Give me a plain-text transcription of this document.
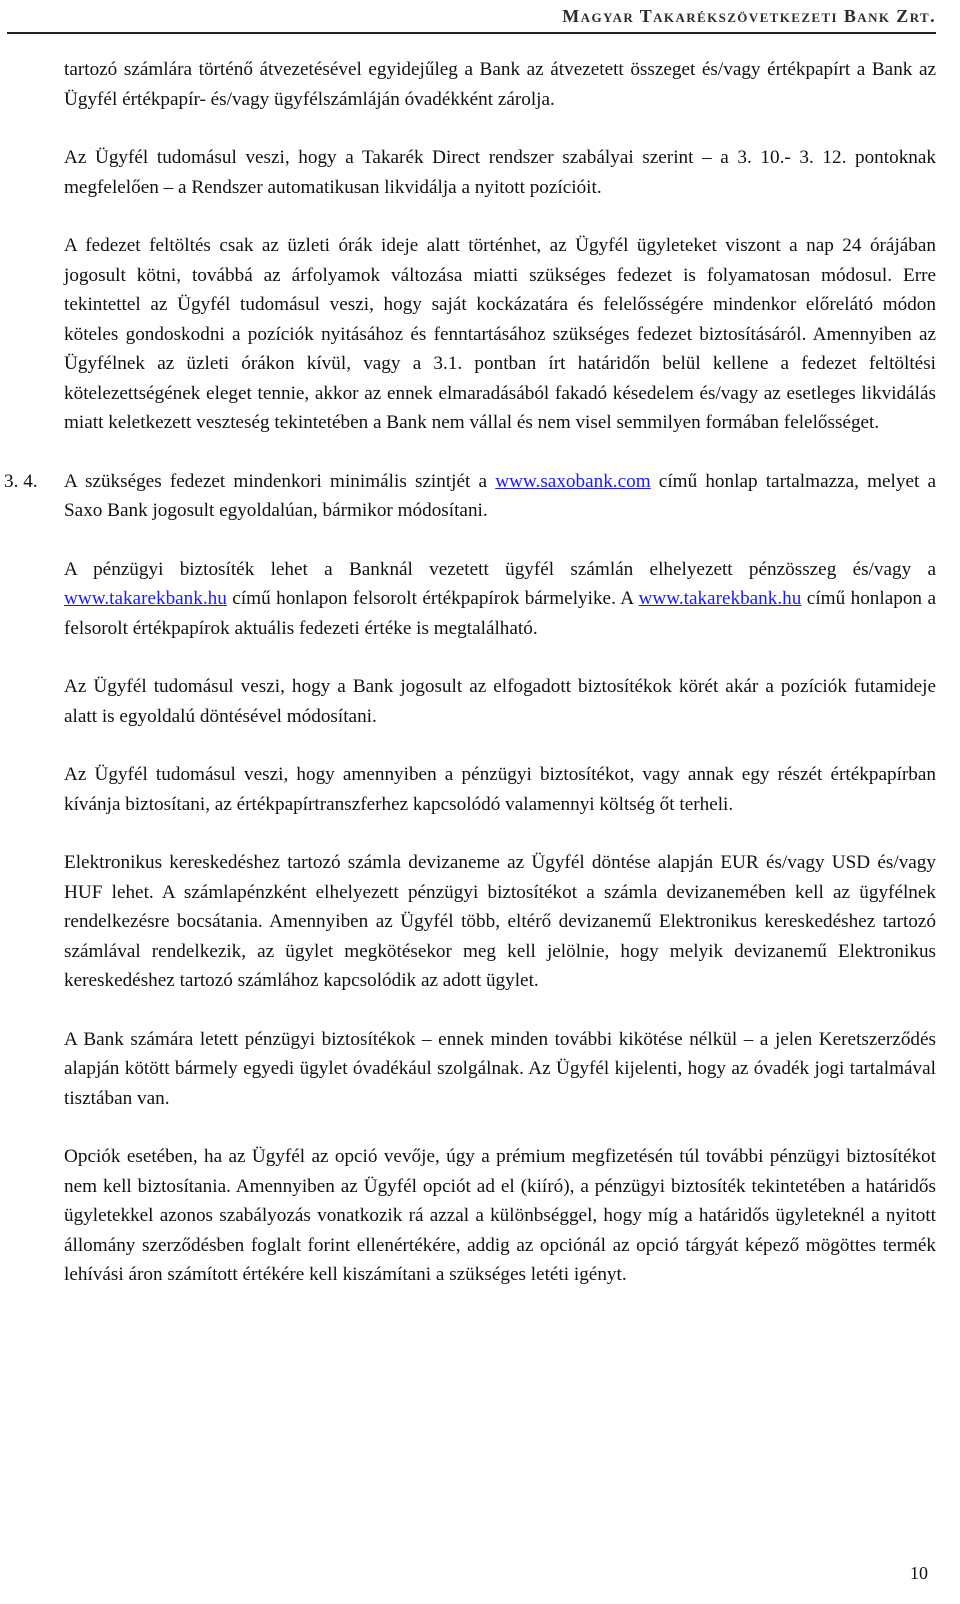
Magyar Takarékszövetkezeti Bank Zrt.

tartozó számlára történő átvezetésével egyidejűleg a Bank az átvezetett összeget és/vagy értékpapírt a Bank az Ügyfél értékpapír- és/vagy ügyfélszámláján óvadékként zárolja.

Az Ügyfél tudomásul veszi, hogy a Takarék Direct rendszer szabályai szerint – a 3. 10.- 3. 12. pontoknak megfelelően – a Rendszer automatikusan likvidálja a nyitott pozícióit.

A fedezet feltöltés csak az üzleti órák ideje alatt történhet, az Ügyfél ügyleteket viszont a nap 24 órájában jogosult kötni, továbbá az árfolyamok változása miatti szükséges fedezet is folyamatosan módosul. Erre tekintettel az Ügyfél tudomásul veszi, hogy saját kockázatára és felelősségére mindenkor előrelátó módon köteles gondoskodni a pozíciók nyitásához és fenntartásához szükséges fedezet biztosításáról. Amennyiben az Ügyfélnek az üzleti órákon kívül, vagy a 3.1. pontban írt határidőn belül kellene a fedezet feltöltési kötelezettségének eleget tennie, akkor az ennek elmaradásából fakadó késedelem és/vagy az esetleges likvidálás miatt keletkezett veszteség tekintetében a Bank nem vállal és nem visel semmilyen formában felelősséget.

3. 4. A szükséges fedezet mindenkori minimális szintjét a www.saxobank.com című honlap tartalmazza, melyet a Saxo Bank jogosult egyoldalúan, bármikor módosítani.

A pénzügyi biztosíték lehet a Banknál vezetett ügyfél számlán elhelyezett pénzösszeg és/vagy a www.takarekbank.hu című honlapon felsorolt értékpapírok bármelyike. A www.takarekbank.hu című honlapon a felsorolt értékpapírok aktuális fedezeti értéke is megtalálható.

Az Ügyfél tudomásul veszi, hogy a Bank jogosult az elfogadott biztosítékok körét akár a pozíciók futamideje alatt is egyoldalú döntésével módosítani.

Az Ügyfél tudomásul veszi, hogy amennyiben a pénzügyi biztosítékot, vagy annak egy részét értékpapírban kívánja biztosítani, az értékpapírtranszferhez kapcsolódó valamennyi költség őt terheli.

Elektronikus kereskedéshez tartozó számla devizaneme az Ügyfél döntése alapján EUR és/vagy USD és/vagy HUF lehet. A számlapénzként elhelyezett pénzügyi biztosítékot a számla devizanemében kell az ügyfélnek rendelkezésre bocsátania. Amennyiben az Ügyfél több, eltérő devizanemű Elektronikus kereskedéshez tartozó számlával rendelkezik, az ügylet megkötésekor meg kell jelölnie, hogy melyik devizanemű Elektronikus kereskedéshez tartozó számlához kapcsolódik az adott ügylet.

A Bank számára letett pénzügyi biztosítékok – ennek minden további kikötése nélkül – a jelen Keretszerződés alapján kötött bármely egyedi ügylet óvadékául szolgálnak. Az Ügyfél kijelenti, hogy az óvadék jogi tartalmával tisztában van.

Opciók esetében, ha az Ügyfél az opció vevője, úgy a prémium megfizetésén túl további pénzügyi biztosítékot nem kell biztosítania. Amennyiben az Ügyfél opciót ad el (kiíró), a pénzügyi biztosíték tekintetében a határidős ügyletekkel azonos szabályozás vonatkozik rá azzal a különbséggel, hogy míg a határidős ügyleteknél a nyitott állomány szerződésben foglalt forint ellenértékére, addig az opciónál az opció tárgyát képező mögöttes termék lehívási áron számított értékére kell kiszámítani a szükséges letéti igényt.

10
